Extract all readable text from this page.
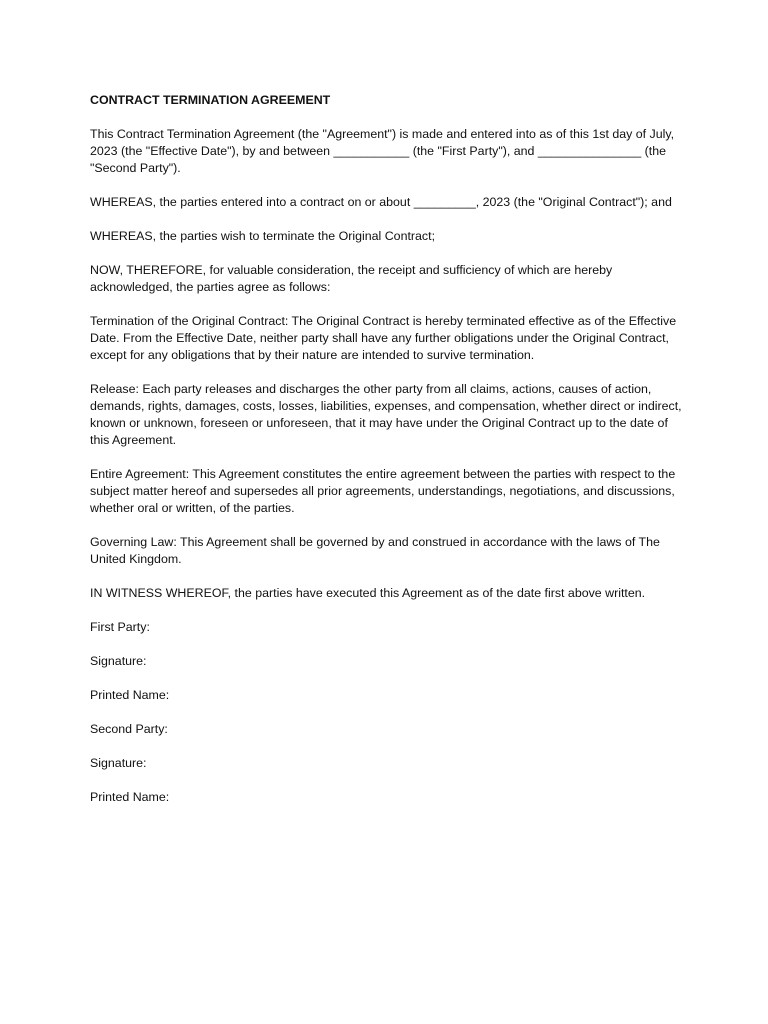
CONTRACT TERMINATION AGREEMENT
This Contract Termination Agreement (the "Agreement") is made and entered into as of this 1st day of July, 2023 (the "Effective Date"), by and between ___________ (the "First Party"), and _______________ (the "Second Party").
WHEREAS, the parties entered into a contract on or about _________, 2023 (the "Original Contract"); and
WHEREAS, the parties wish to terminate the Original Contract;
NOW, THEREFORE, for valuable consideration, the receipt and sufficiency of which are hereby acknowledged, the parties agree as follows:
Termination of the Original Contract: The Original Contract is hereby terminated effective as of the Effective Date. From the Effective Date, neither party shall have any further obligations under the Original Contract, except for any obligations that by their nature are intended to survive termination.
Release: Each party releases and discharges the other party from all claims, actions, causes of action, demands, rights, damages, costs, losses, liabilities, expenses, and compensation, whether direct or indirect, known or unknown, foreseen or unforeseen, that it may have under the Original Contract up to the date of this Agreement.
Entire Agreement: This Agreement constitutes the entire agreement between the parties with respect to the subject matter hereof and supersedes all prior agreements, understandings, negotiations, and discussions, whether oral or written, of the parties.
Governing Law: This Agreement shall be governed by and construed in accordance with the laws of The United Kingdom.
IN WITNESS WHEREOF, the parties have executed this Agreement as of the date first above written.
First Party:
Signature:
Printed Name:
Second Party:
Signature:
Printed Name:
